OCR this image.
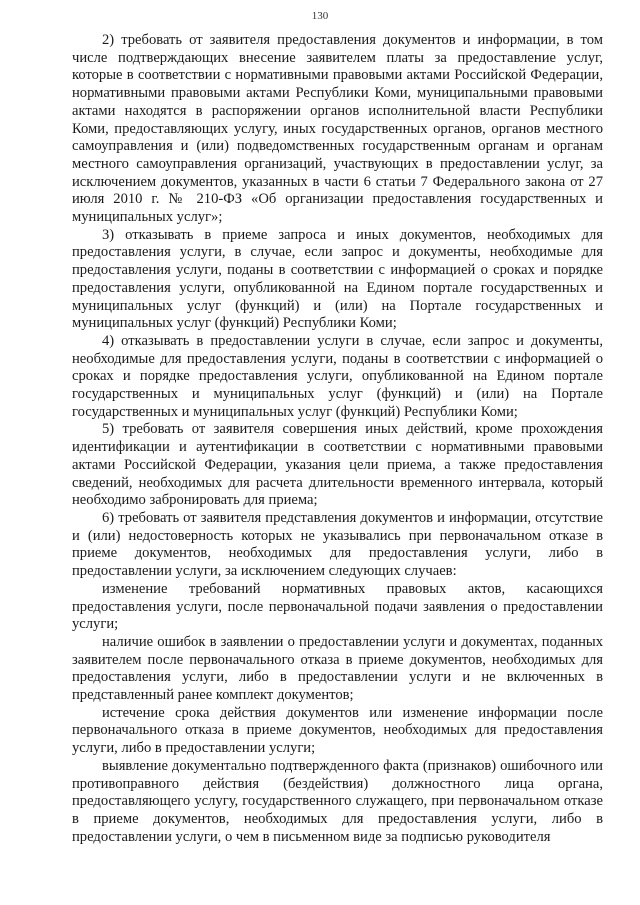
130

2) требовать от заявителя предоставления документов и информации, в том числе подтверждающих внесение заявителем платы за предоставление услуг, которые в соответствии с нормативными правовыми актами Российской Федерации, нормативными правовыми актами Республики Коми, муниципальными правовыми актами находятся в распоряжении органов исполнительной власти Республики Коми, предоставляющих услугу, иных государственных органов, органов местного самоуправления и (или) подведомственных государственным органам и органам местного самоуправления организаций, участвующих в предоставлении услуг, за исключением документов, указанных в части 6 статьи 7 Федерального закона от 27 июля 2010 г. № 210-ФЗ «Об организации предоставления государственных и муниципальных услуг»;

3) отказывать в приеме запроса и иных документов, необходимых для предоставления услуги, в случае, если запрос и документы, необходимые для предоставления услуги, поданы в соответствии с информацией о сроках и порядке предоставления услуги, опубликованной на Едином портале государственных и муниципальных услуг (функций) и (или) на Портале государственных и муниципальных услуг (функций) Республики Коми;

4) отказывать в предоставлении услуги в случае, если запрос и документы, необходимые для предоставления услуги, поданы в соответствии с информацией о сроках и порядке предоставления услуги, опубликованной на Едином портале государственных и муниципальных услуг (функций) и (или) на Портале государственных и муниципальных услуг (функций) Республики Коми;

5) требовать от заявителя совершения иных действий, кроме прохождения идентификации и аутентификации в соответствии с нормативными правовыми актами Российской Федерации, указания цели приема, а также предоставления сведений, необходимых для расчета длительности временного интервала, который необходимо забронировать для приема;

6) требовать от заявителя представления документов и информации, отсутствие и (или) недостоверность которых не указывались при первоначальном отказе в приеме документов, необходимых для предоставления услуги, либо в предоставлении услуги, за исключением следующих случаев:

изменение требований нормативных правовых актов, касающихся предоставления услуги, после первоначальной подачи заявления о предоставлении услуги;

наличие ошибок в заявлении о предоставлении услуги и документах, поданных заявителем после первоначального отказа в приеме документов, необходимых для предоставления услуги, либо в предоставлении услуги и не включенных в представленный ранее комплект документов;

истечение срока действия документов или изменение информации после первоначального отказа в приеме документов, необходимых для предоставления услуги, либо в предоставлении услуги;

выявление документально подтвержденного факта (признаков) ошибочного или противоправного действия (бездействия) должностного лица органа, предоставляющего услугу, государственного служащего, при первоначальном отказе в приеме документов, необходимых для предоставления услуги, либо в предоставлении услуги, о чем в письменном виде за подписью руководителя
